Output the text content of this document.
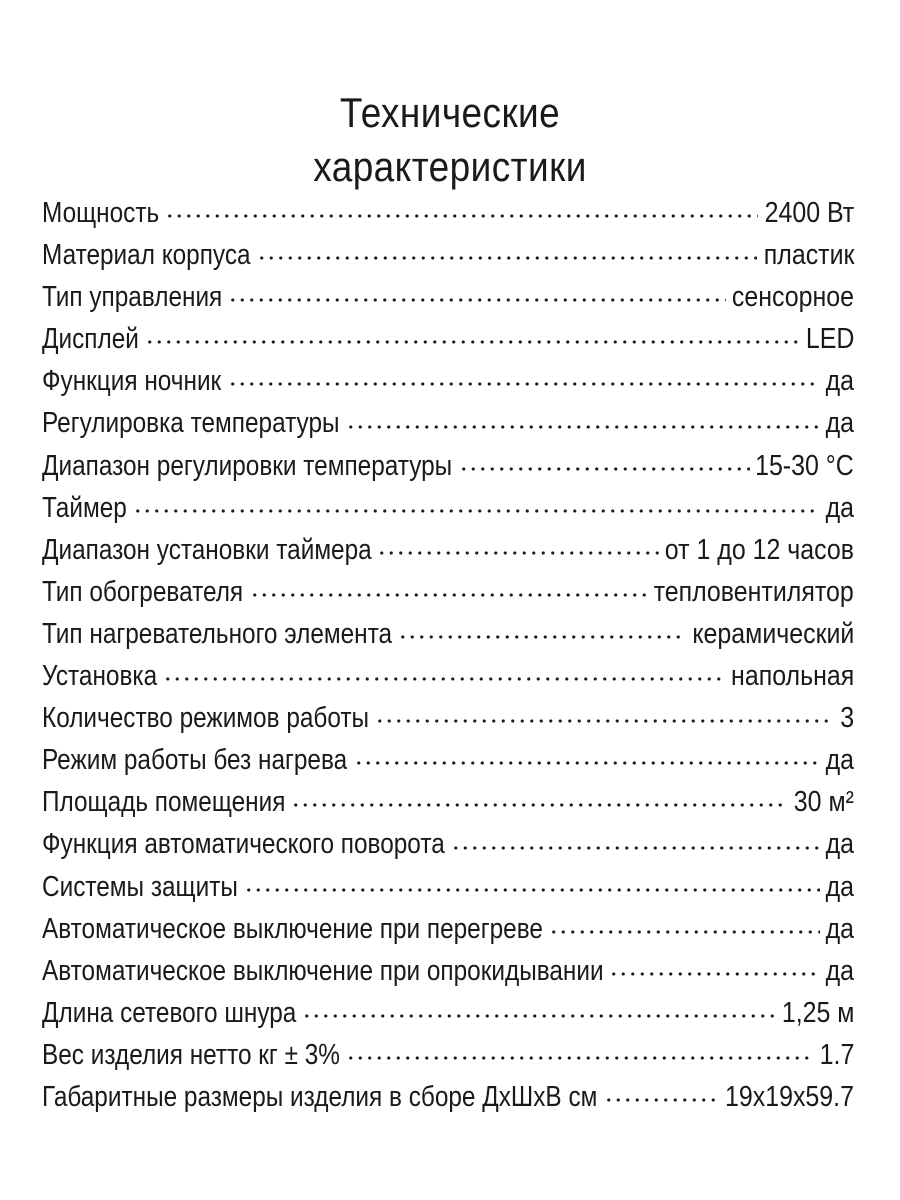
Технические
характеристики
Мощность	2400 Вт
Материал корпуса	пластик
Тип управления	сенсорное
Дисплей	LED
Функция ночник	да
Регулировка температуры	да
Диапазон регулировки температуры	15-30 °C
Таймер	да
Диапазон установки таймера	от 1 до 12 часов
Тип обогревателя	тепловентилятор
Тип нагревательного элемента	керамический
Установка	напольная
Количество режимов работы	3
Режим работы без нагрева	да
Площадь помещения	30 м²
Функция автоматического поворота	да
Системы защиты	да
Автоматическое выключение при перегреве	да
Автоматическое выключение при опрокидывании	да
Длина сетевого шнура	1,25 м
Вес изделия нетто кг ± 3%	1.7
Габаритные размеры изделия в сборе ДхШхВ см	19x19x59.7
